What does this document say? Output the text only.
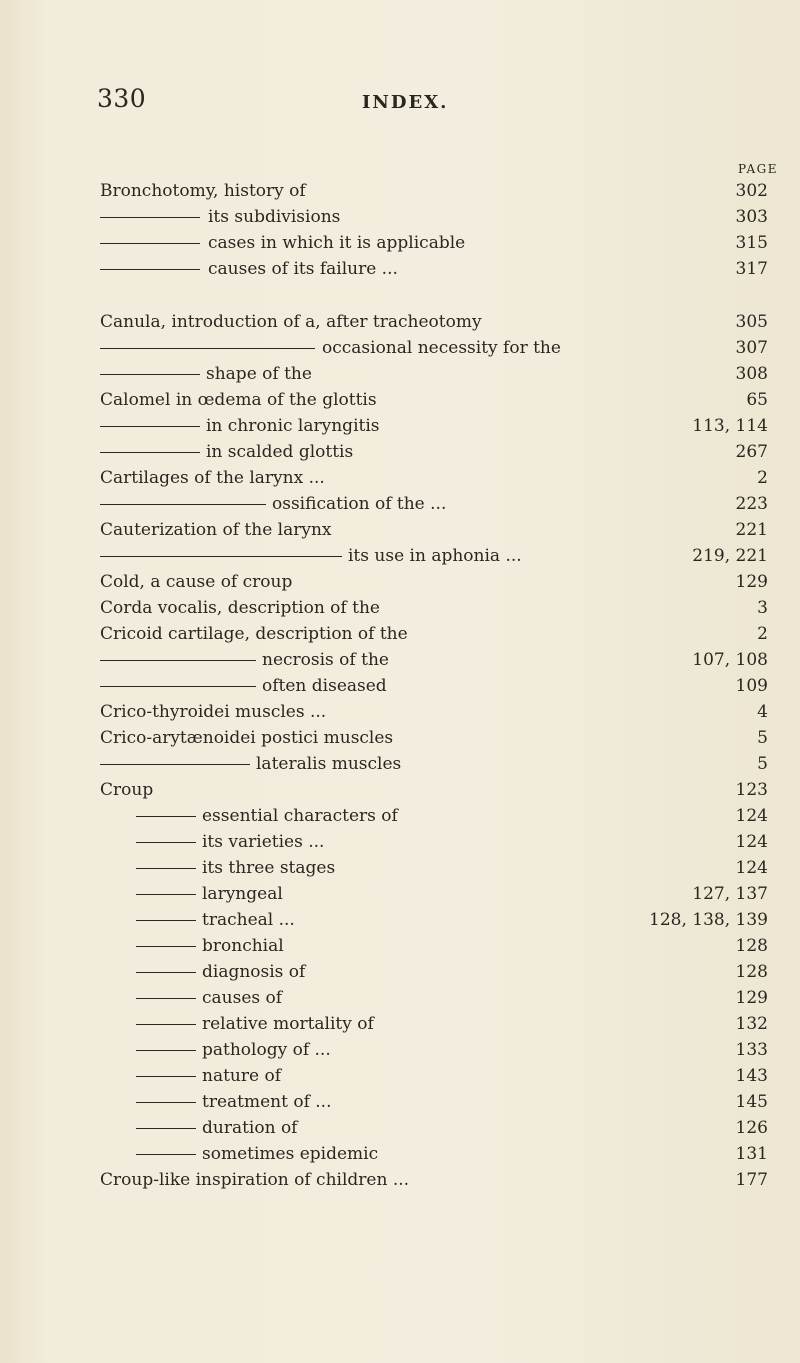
330	INDEX.
PAGE
Bronchotomy, history of	302
its subdivisions	303
cases in which it is applicable	315
causes of its failure ...	317
Canula, introduction of a, after tracheotomy	305
occasional necessity for the	307
shape of the	308
Calomel in œdema of the glottis	65
in chronic laryngitis	113, 114
in scalded glottis	267
Cartilages of the larynx ...	2
ossification of the ...	223
Cauterization of the larynx	221
its use in aphonia ...	219, 221
Cold, a cause of croup	129
Corda vocalis, description of the	3
Cricoid cartilage, description of the	2
necrosis of the	107, 108
often diseased	109
Crico-thyroidei muscles ...	4
Crico-arytænoidei postici muscles	5
lateralis muscles	5
Croup	123
essential characters of	124
its varieties ...	124
its three stages	124
laryngeal	127, 137
tracheal ...	128, 138, 139
bronchial	128
diagnosis of	128
causes of	129
relative mortality of	132
pathology of ...	133
nature of	143
treatment of ...	145
duration of	126
sometimes epidemic	131
Croup-like inspiration of children ...	177
